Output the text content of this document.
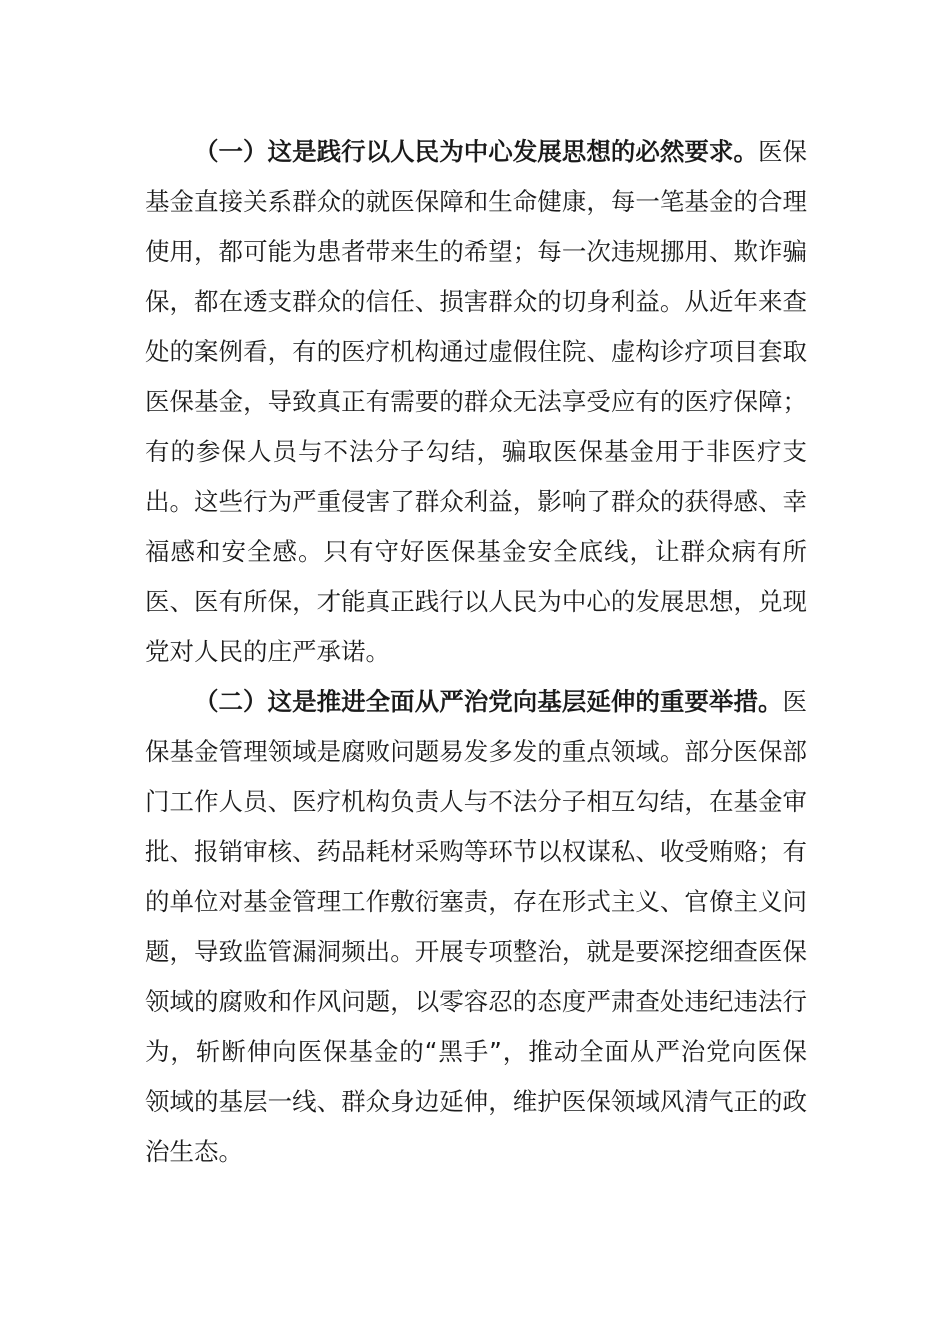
（一）这是践行以人民为中心发展思想的必然要求。医保基金直接关系群众的就医保障和生命健康，每一笔基金的合理使用，都可能为患者带来生的希望；每一次违规挪用、欺诈骗保，都在透支群众的信任、损害群众的切身利益。从近年来查处的案例看，有的医疗机构通过虚假住院、虚构诊疗项目套取医保基金，导致真正有需要的群众无法享受应有的医疗保障；有的参保人员与不法分子勾结，骗取医保基金用于非医疗支出。这些行为严重侵害了群众利益，影响了群众的获得感、幸福感和安全感。只有守好医保基金安全底线，让群众病有所医、医有所保，才能真正践行以人民为中心的发展思想，兑现党对人民的庄严承诺。

（二）这是推进全面从严治党向基层延伸的重要举措。医保基金管理领域是腐败问题易发多发的重点领域。部分医保部门工作人员、医疗机构负责人与不法分子相互勾结，在基金审批、报销审核、药品耗材采购等环节以权谋私、收受贿赂；有的单位对基金管理工作敷衍塞责，存在形式主义、官僚主义问题，导致监管漏洞频出。开展专项整治，就是要深挖细查医保领域的腐败和作风问题，以零容忍的态度严肃查处违纪违法行为，斩断伸向医保基金的“黑手”，推动全面从严治党向医保领域的基层一线、群众身边延伸，维护医保领域风清气正的政治生态。
